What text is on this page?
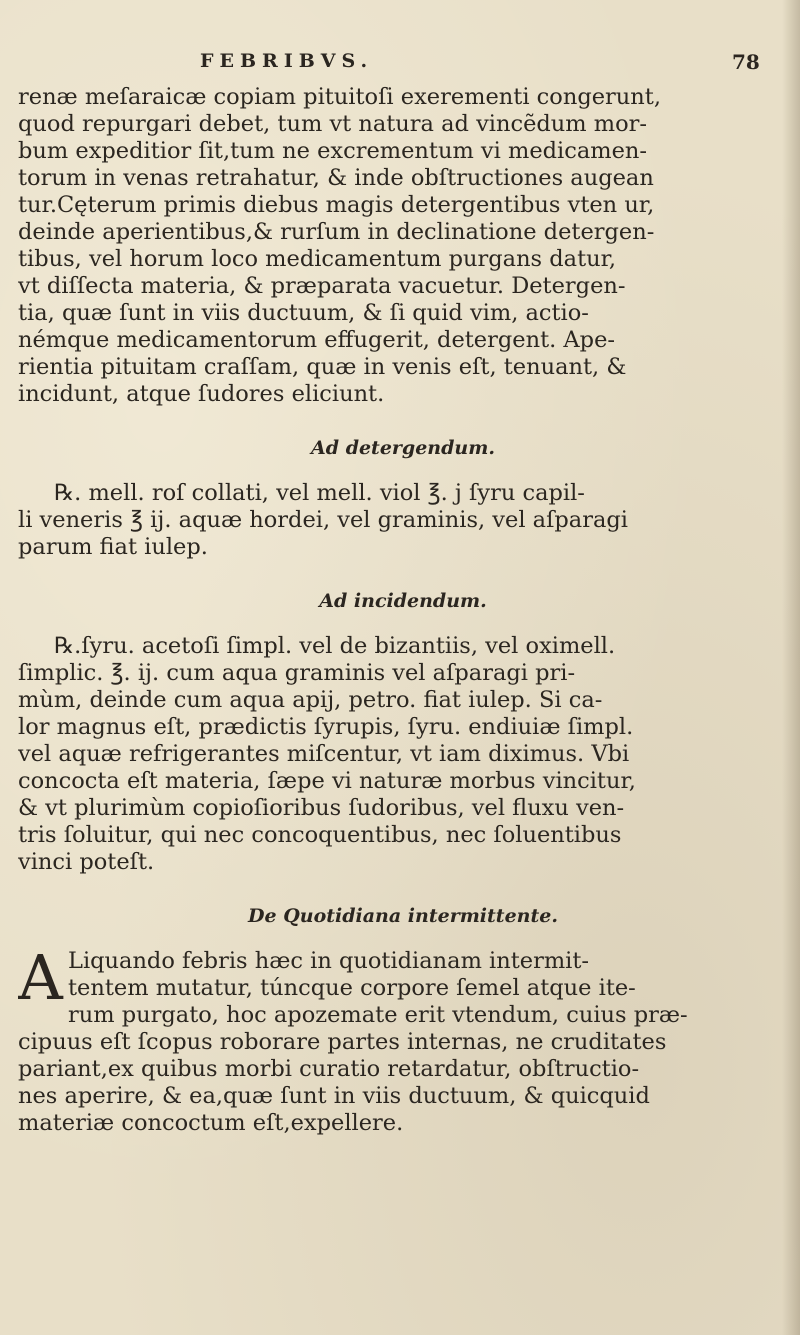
FEBRIBVS.	78
renæ meſaraicæ copiam pituitoſi exerementi congerunt,
quod repurgari debet, tum vt natura ad vincẽdum mor-
bum expeditior ſit,tum ne excrementum vi medicamen-
torum in venas retrahatur, & inde obſtructiones augean
tur.Cęterum primis diebus magis detergentibus vten ur,
deinde aperientibus,& rurſum in declinatione detergen-
tibus, vel horum loco medicamentum purgans datur,
vt diſſecta materia, & præparata vacuetur. Detergen-
tia, quæ ſunt in viis ductuum, & ſi quid vim, actio-
némque medicamentorum effugerit, detergent. Ape-
rientia pituitam craſſam, quæ in venis eſt, tenuant, &
incidunt, atque ſudores eliciunt.
Ad detergendum.
℞. mell. roſ collati, vel mell. viol ℥. j ſyru capil-
li veneris ℥ ij. aquæ hordei, vel graminis, vel aſparagi
parum fiat iulep.
Ad incidendum.
℞.ſyru. acetoſi ſimpl. vel de bizantiis, vel oximell.
ſimplic. ℥. ij. cum aqua graminis vel aſparagi pri-
mùm, deinde cum aqua apij, petro. fiat iulep. Si ca-
lor magnus eſt, prædictis ſyrupis, ſyru. endiuiæ ſimpl.
vel aquæ refrigerantes miſcentur, vt iam diximus. Vbi
concocta eſt materia, ſæpe vi naturæ morbus vincitur,
& vt plurimùm copioſioribus ſudoribus, vel fluxu ven-
tris ſoluitur, qui nec concoquentibus, nec ſoluentibus
vinci poteſt.
De Quotidiana intermittente.
A Liquando febris hæc in quotidianam intermit-
tentem mutatur, túncque corpore ſemel atque ite-
rum purgato, hoc apozemate erit vtendum, cuius præ-
cipuus eſt ſcopus roborare partes internas, ne cruditates
pariant,ex quibus morbi curatio retardatur, obſtructio-
nes aperire, & ea,quæ ſunt in viis ductuum, & quicquid
materiæ concoctum eſt,expellere.
